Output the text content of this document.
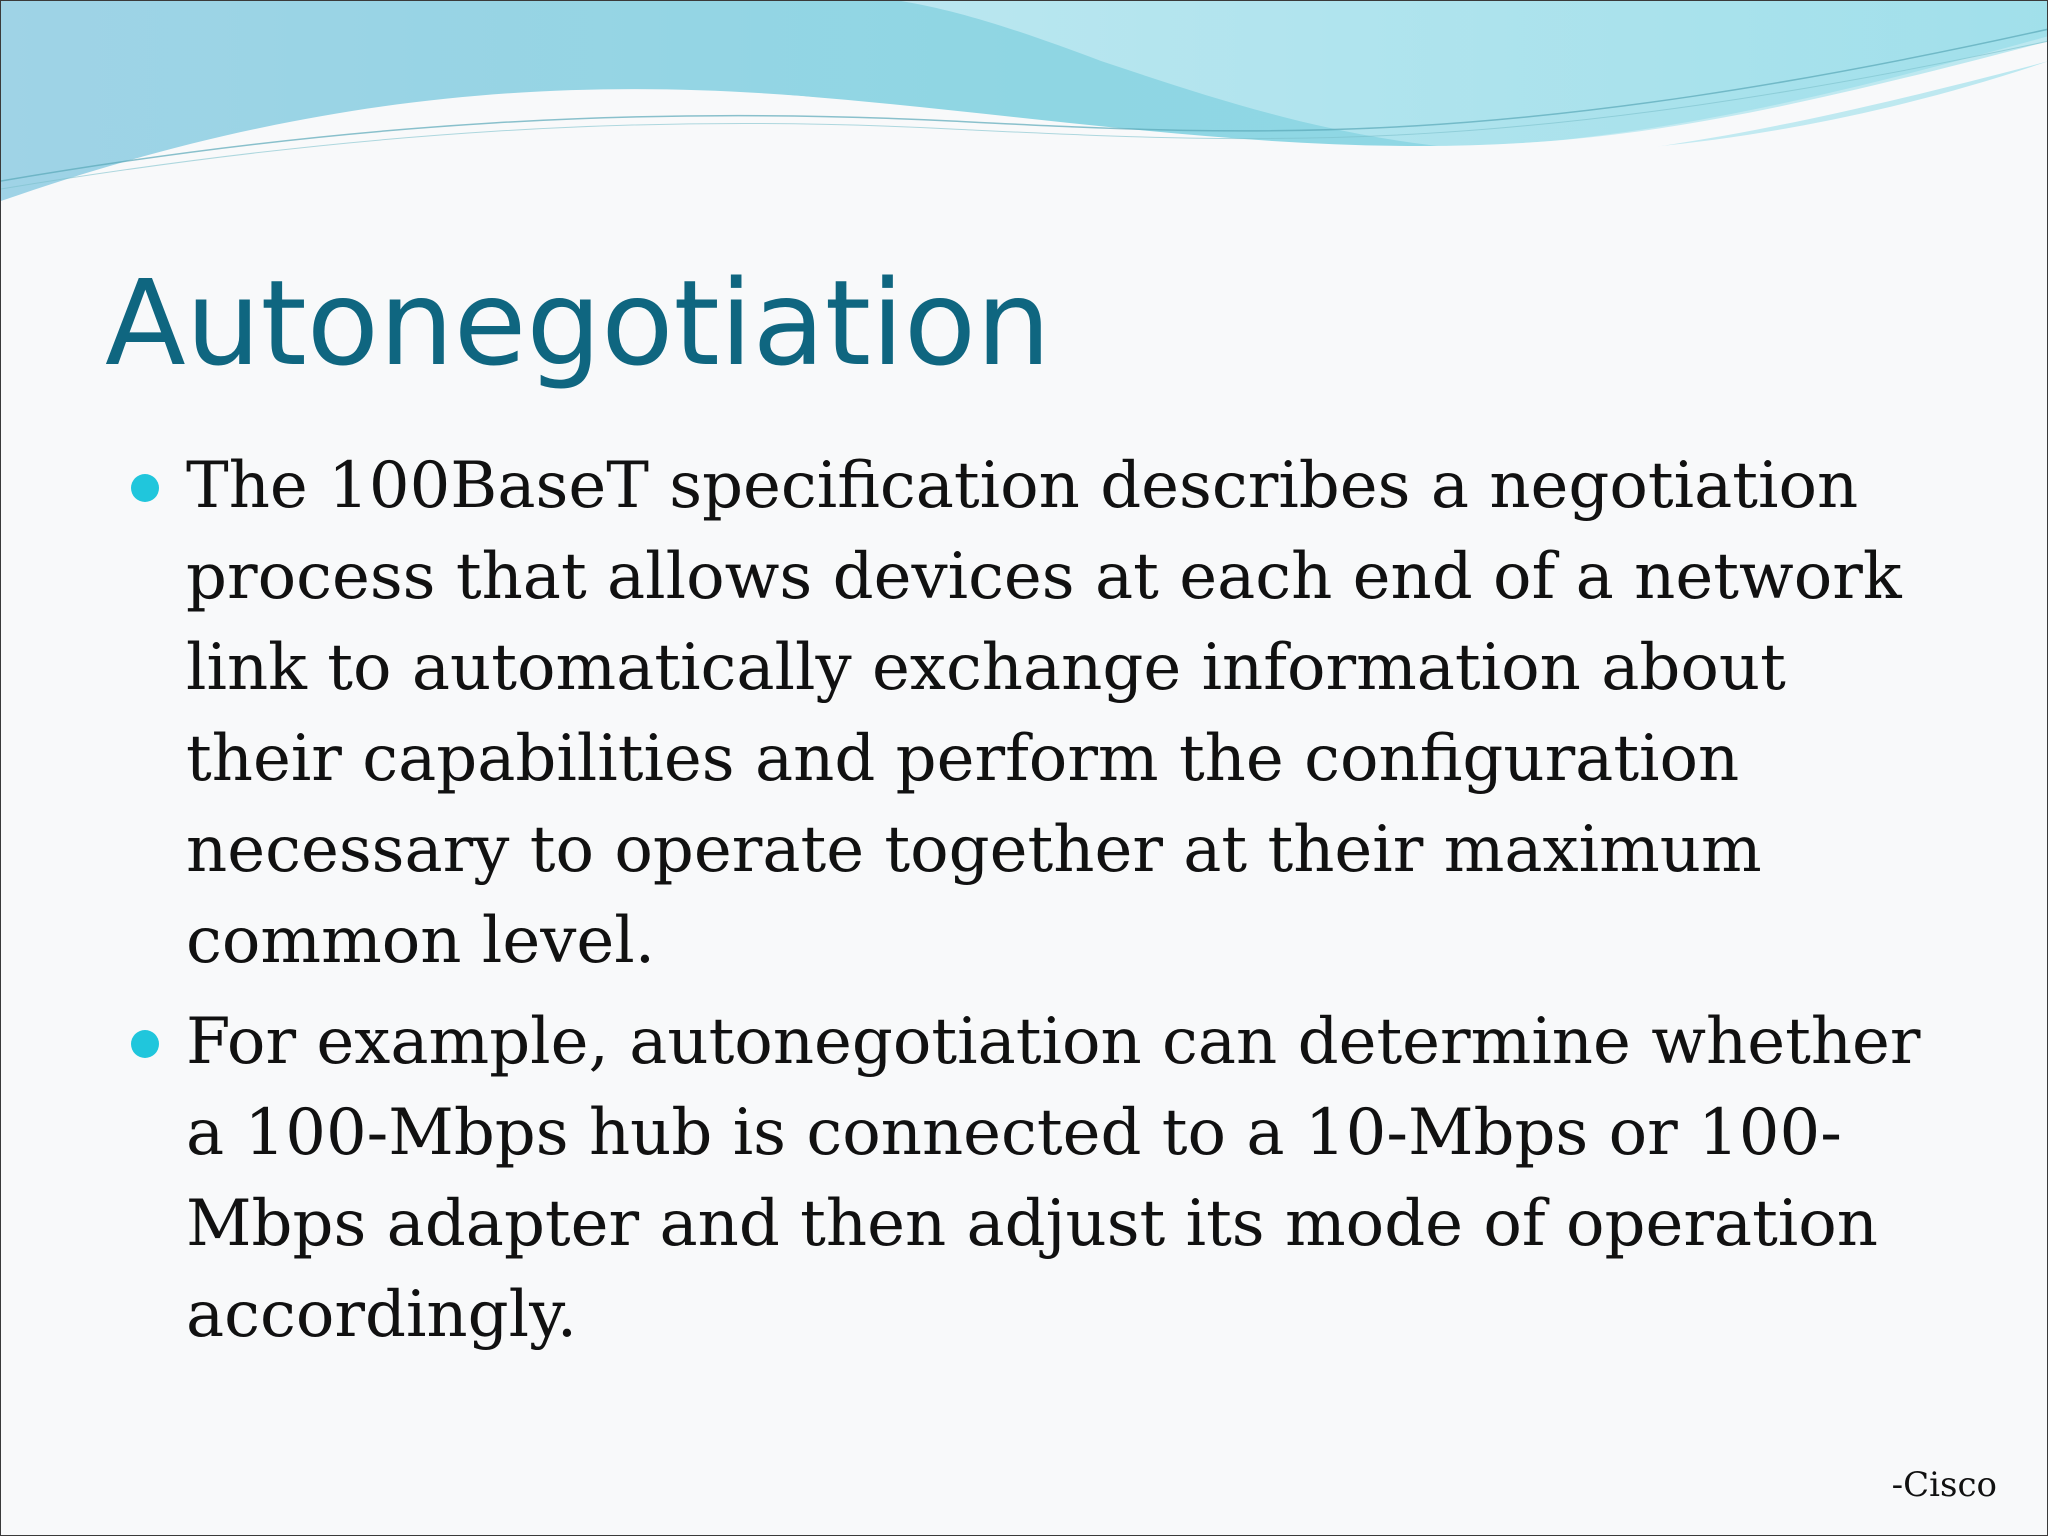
Autonegotiation
The 100BaseT specification describes a negotiation
process that allows devices at each end of a network
link to automatically exchange information about
their capabilities and perform the configuration
necessary to operate together at their maximum
common level.
For example, autonegotiation can determine whether
a 100-Mbps hub is connected to a 10-Mbps or 100-
Mbps adapter and then adjust its mode of operation
accordingly.
-Cisco
